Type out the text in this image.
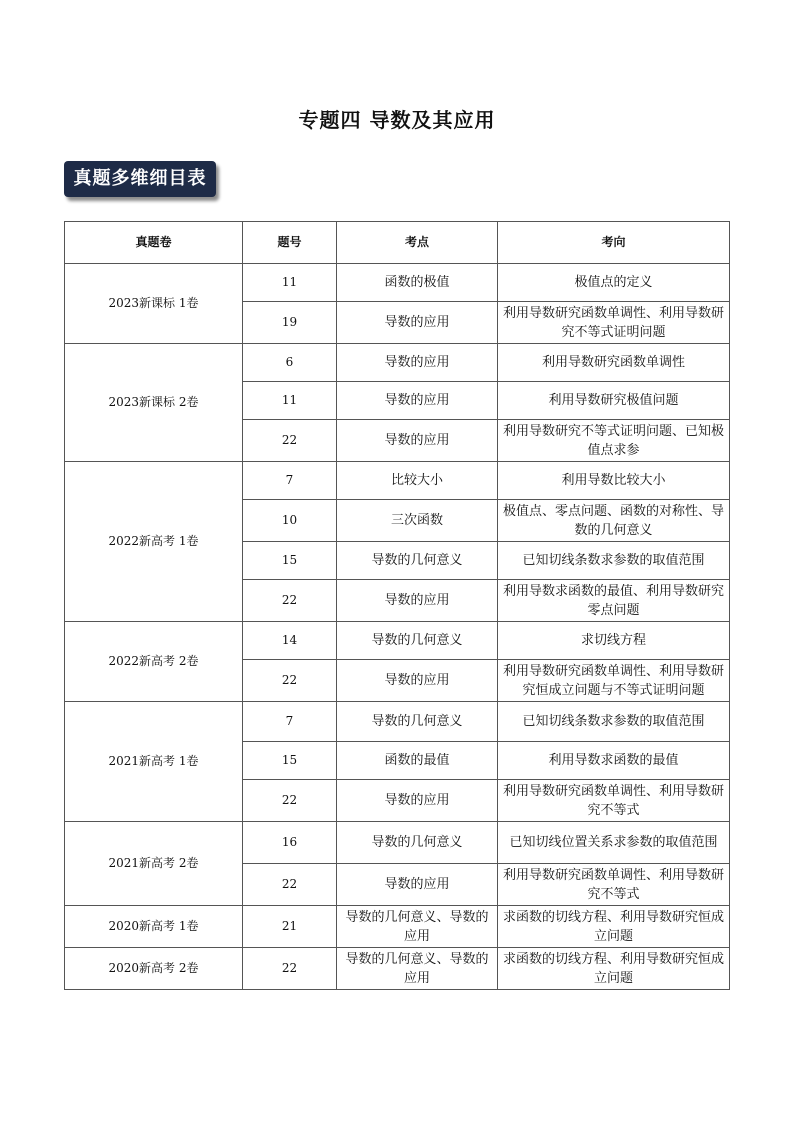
专题四 导数及其应用
真题多维细目表
真题卷	题号	考点	考向
2023新课标 1卷	11	函数的极值	极值点的定义
	19	导数的应用	利用导数研究函数单调性、利用导数研究不等式证明问题
2023新课标 2卷	6	导数的应用	利用导数研究函数单调性
	11	导数的应用	利用导数研究极值问题
	22	导数的应用	利用导数研究不等式证明问题、已知极值点求参
2022新高考 1卷	7	比较大小	利用导数比较大小
	10	三次函数	极值点、零点问题、函数的对称性、导数的几何意义
	15	导数的几何意义	已知切线条数求参数的取值范围
	22	导数的应用	利用导数求函数的最值、利用导数研究零点问题
2022新高考 2卷	14	导数的几何意义	求切线方程
	22	导数的应用	利用导数研究函数单调性、利用导数研究恒成立问题与不等式证明问题
2021新高考 1卷	7	导数的几何意义	已知切线条数求参数的取值范围
	15	函数的最值	利用导数求函数的最值
	22	导数的应用	利用导数研究函数单调性、利用导数研究不等式
2021新高考 2卷	16	导数的几何意义	已知切线位置关系求参数的取值范围
	22	导数的应用	利用导数研究函数单调性、利用导数研究不等式
2020新高考 1卷	21	导数的几何意义、导数的应用	求函数的切线方程、利用导数研究恒成立问题
2020新高考 2卷	22	导数的几何意义、导数的应用	求函数的切线方程、利用导数研究恒成立问题
